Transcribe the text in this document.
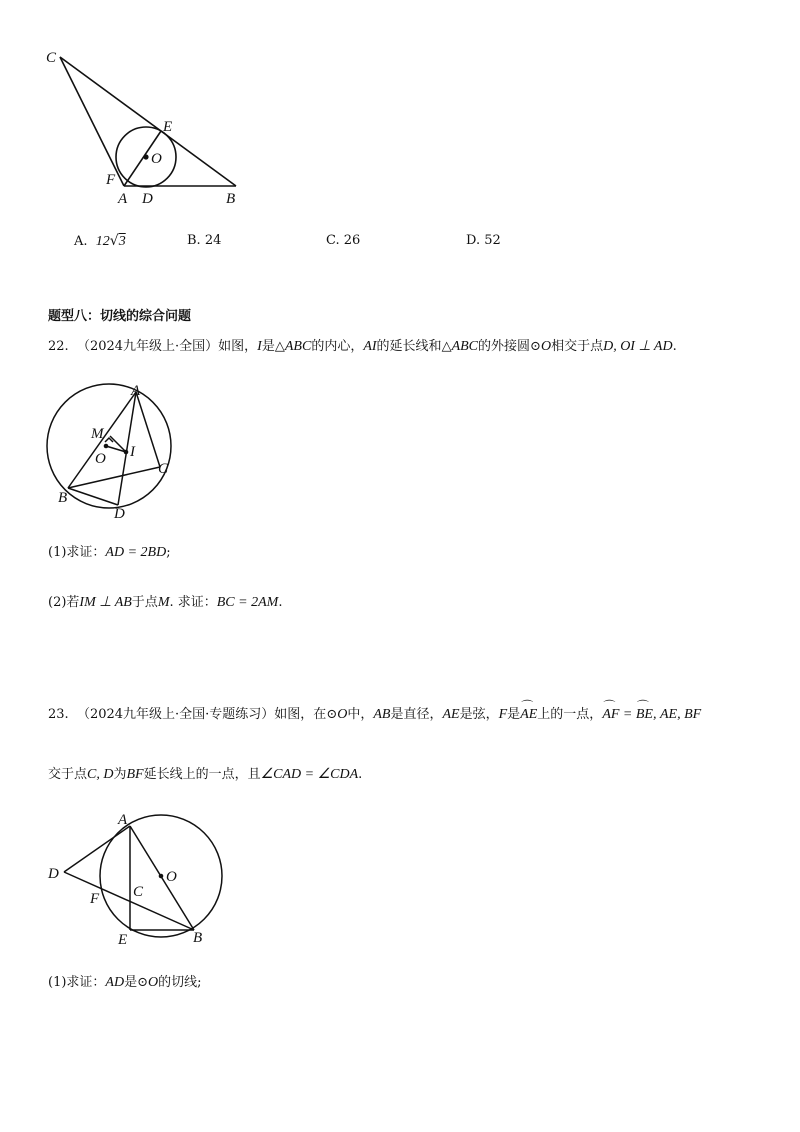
C
E
O
F
A D	B
A. 12√3	B. 24	C. 26	D. 52
题型八：切线的综合问题
22. （2024九年级上·全国）如图，I是△ABC的内心，AI的延长线和△ABC的外接圆⊙O相交于点D, OI ⊥ AD.
A
M
I
O
C
B
D
(1)求证：AD = 2BD;
(2)若IM ⊥ AB于点M. 求证：BC = 2AM.
23. （2024九年级上·全国·专题练习）如图，在⊙O中，AB是直径，AE是弦，F是⌒ AE上的一点，⌒ AF = ⌒ BE, AE, BF
交于点C, D为BF延长线上的一点，且∠CAD = ∠CDA.
A
O
D
C
F
E	B
(1)求证：AD是⊙O的切线;
